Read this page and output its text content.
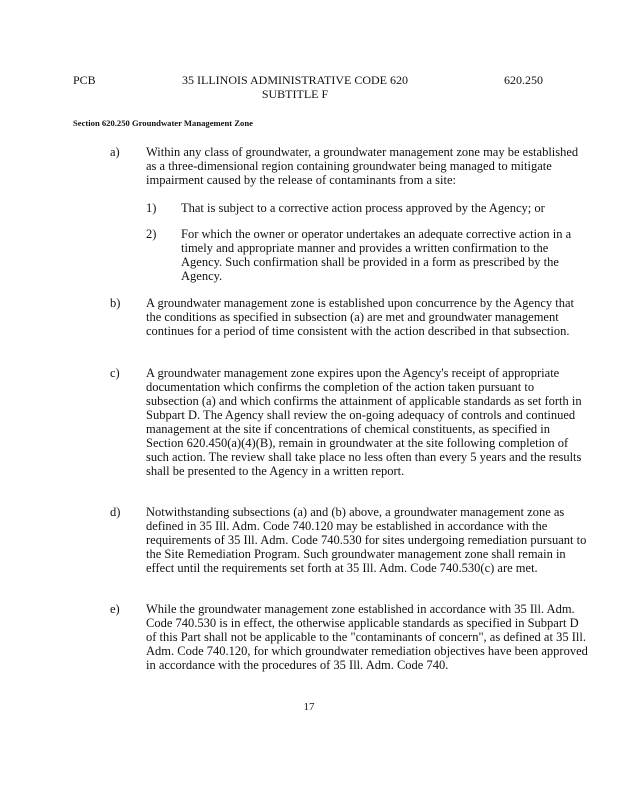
PCB	35 ILLINOIS ADMINISTRATIVE CODE 620
SUBTITLE F
620.250
Section 620.250 Groundwater Management Zone
a) Within any class of groundwater, a groundwater management zone may be established as a three-dimensional region containing groundwater being managed to mitigate impairment caused by the release of contaminants from a site:
1) That is subject to a corrective action process approved by the Agency; or
2) For which the owner or operator undertakes an adequate corrective action in a timely and appropriate manner and provides a written confirmation to the Agency. Such confirmation shall be provided in a form as prescribed by the Agency.
b) A groundwater management zone is established upon concurrence by the Agency that the conditions as specified in subsection (a) are met and groundwater management continues for a period of time consistent with the action described in that subsection.
c) A groundwater management zone expires upon the Agency's receipt of appropriate documentation which confirms the completion of the action taken pursuant to subsection (a) and which confirms the attainment of applicable standards as set forth in Subpart D. The Agency shall review the on-going adequacy of controls and continued management at the site if concentrations of chemical constituents, as specified in Section 620.450(a)(4)(B), remain in groundwater at the site following completion of such action. The review shall take place no less often than every 5 years and the results shall be presented to the Agency in a written report.
d) Notwithstanding subsections (a) and (b) above, a groundwater management zone as defined in 35 Ill. Adm. Code 740.120 may be established in accordance with the requirements of 35 Ill. Adm. Code 740.530 for sites undergoing remediation pursuant to the Site Remediation Program. Such groundwater management zone shall remain in effect until the requirements set forth at 35 Ill. Adm. Code 740.530(c) are met.
e) While the groundwater management zone established in accordance with 35 Ill. Adm. Code 740.530 is in effect, the otherwise applicable standards as specified in Subpart D of this Part shall not be applicable to the "contaminants of concern", as defined at 35 Ill. Adm. Code 740.120, for which groundwater remediation objectives have been approved in accordance with the procedures of 35 Ill. Adm. Code 740.
17
